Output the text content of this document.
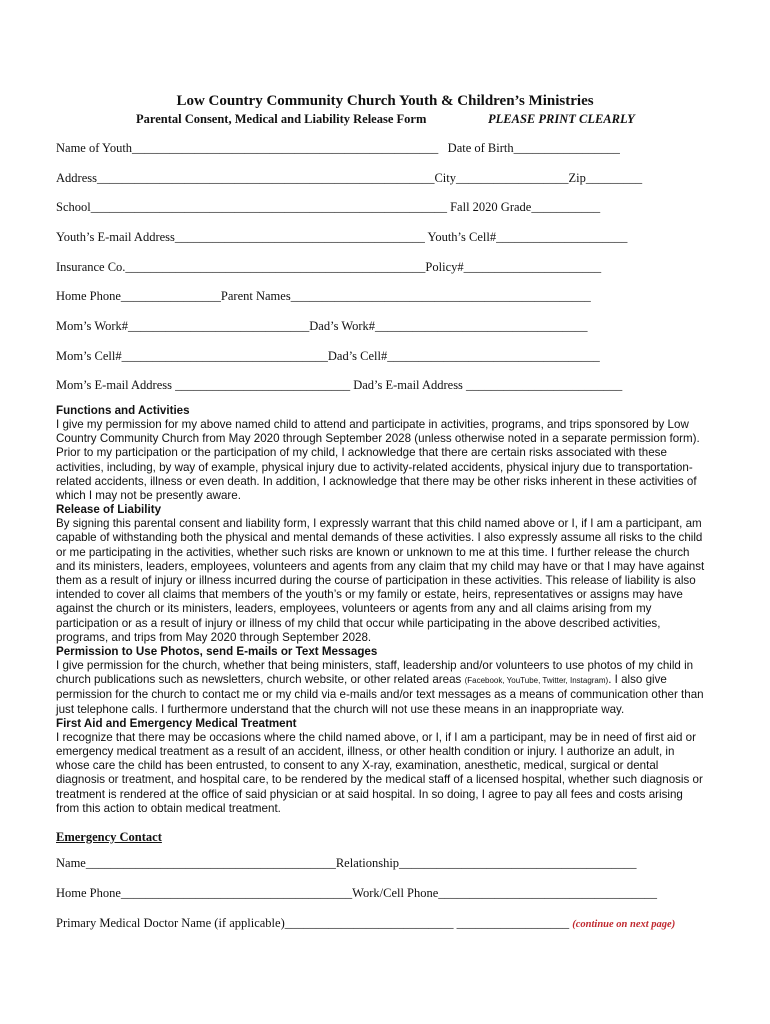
Low Country Community Church Youth & Children’s Ministries
Parental Consent, Medical and Liability Release Form	PLEASE PRINT CLEARLY
Name of Youth_________________________________________________   Date of Birth_________________
Address______________________________________________________City__________________Zip_________
School_________________________________________________________ Fall 2020 Grade___________
Youth’s E-mail Address________________________________________ Youth’s Cell#_____________________
Insurance Co.________________________________________________Policy#______________________
Home Phone________________Parent Names________________________________________________
Mom’s Work#_____________________________Dad’s Work#__________________________________
Mom’s Cell#_________________________________Dad’s Cell#__________________________________
Mom’s E-mail Address ____________________________ Dad’s E-mail Address _________________________

Functions and Activities

I give my permission for my above named child to attend and participate in activities, programs, and trips sponsored by Low Country Community Church from May 2020 through September 2028 (unless otherwise noted in a separate permission form). Prior to my participation or the participation of my child, I acknowledge that there are certain risks associated with these activities, including, by way of example, physical injury due to activity-related accidents, physical injury due to transportation-related accidents, illness or even death. In addition, I acknowledge that there may be other risks inherent in these activities of which I may not be presently aware.

Release of Liability

By signing this parental consent and liability form, I expressly warrant that this child named above or I, if I am a participant, am capable of withstanding both the physical and mental demands of these activities. I also expressly assume all risks to the child or me participating in the activities, whether such risks are known or unknown to me at this time. I further release the church and its ministers, leaders, employees, volunteers and agents from any claim that my child may have or that I may have against them as a result of injury or illness incurred during the course of participation in these activities. This release of liability is also intended to cover all claims that members of the youth’s or my family or estate, heirs, representatives or assigns may have against the church or its ministers, leaders, employees, volunteers or agents from any and all claims arising from my participation or as a result of injury or illness of my child that occur while participating in the above described activities, programs, and trips from May 2020 through September 2028.

Permission to Use Photos, send E-mails or Text Messages

I give permission for the church, whether that being ministers, staff, leadership and/or volunteers to use photos of my child in church publications such as newsletters, church website, or other related areas (Facebook, YouTube, Twitter, Instagram). I also give permission for the church to contact me or my child via e-mails and/or text messages as a means of communication other than just telephone calls. I furthermore understand that the church will not use these means in an inappropriate way.

First Aid and Emergency Medical Treatment

I recognize that there may be occasions where the child named above, or I, if I am a participant, may be in need of first aid or emergency medical treatment as a result of an accident, illness, or other health condition or injury. I authorize an adult, in whose care the child has been entrusted, to consent to any X-ray, examination, anesthetic, medical, surgical or dental diagnosis or treatment, and hospital care, to be rendered by the medical staff of a licensed hospital, whether such diagnosis or treatment is rendered at the office of said physician or at said hospital. In so doing, I agree to pay all fees and costs arising from this action to obtain medical treatment.

Emergency Contact
Name________________________________________Relationship______________________________________
Home Phone_____________________________________Work/Cell Phone___________________________________
Primary Medical Doctor Name (if applicable)___________________________ __________________ (continue on next page)
